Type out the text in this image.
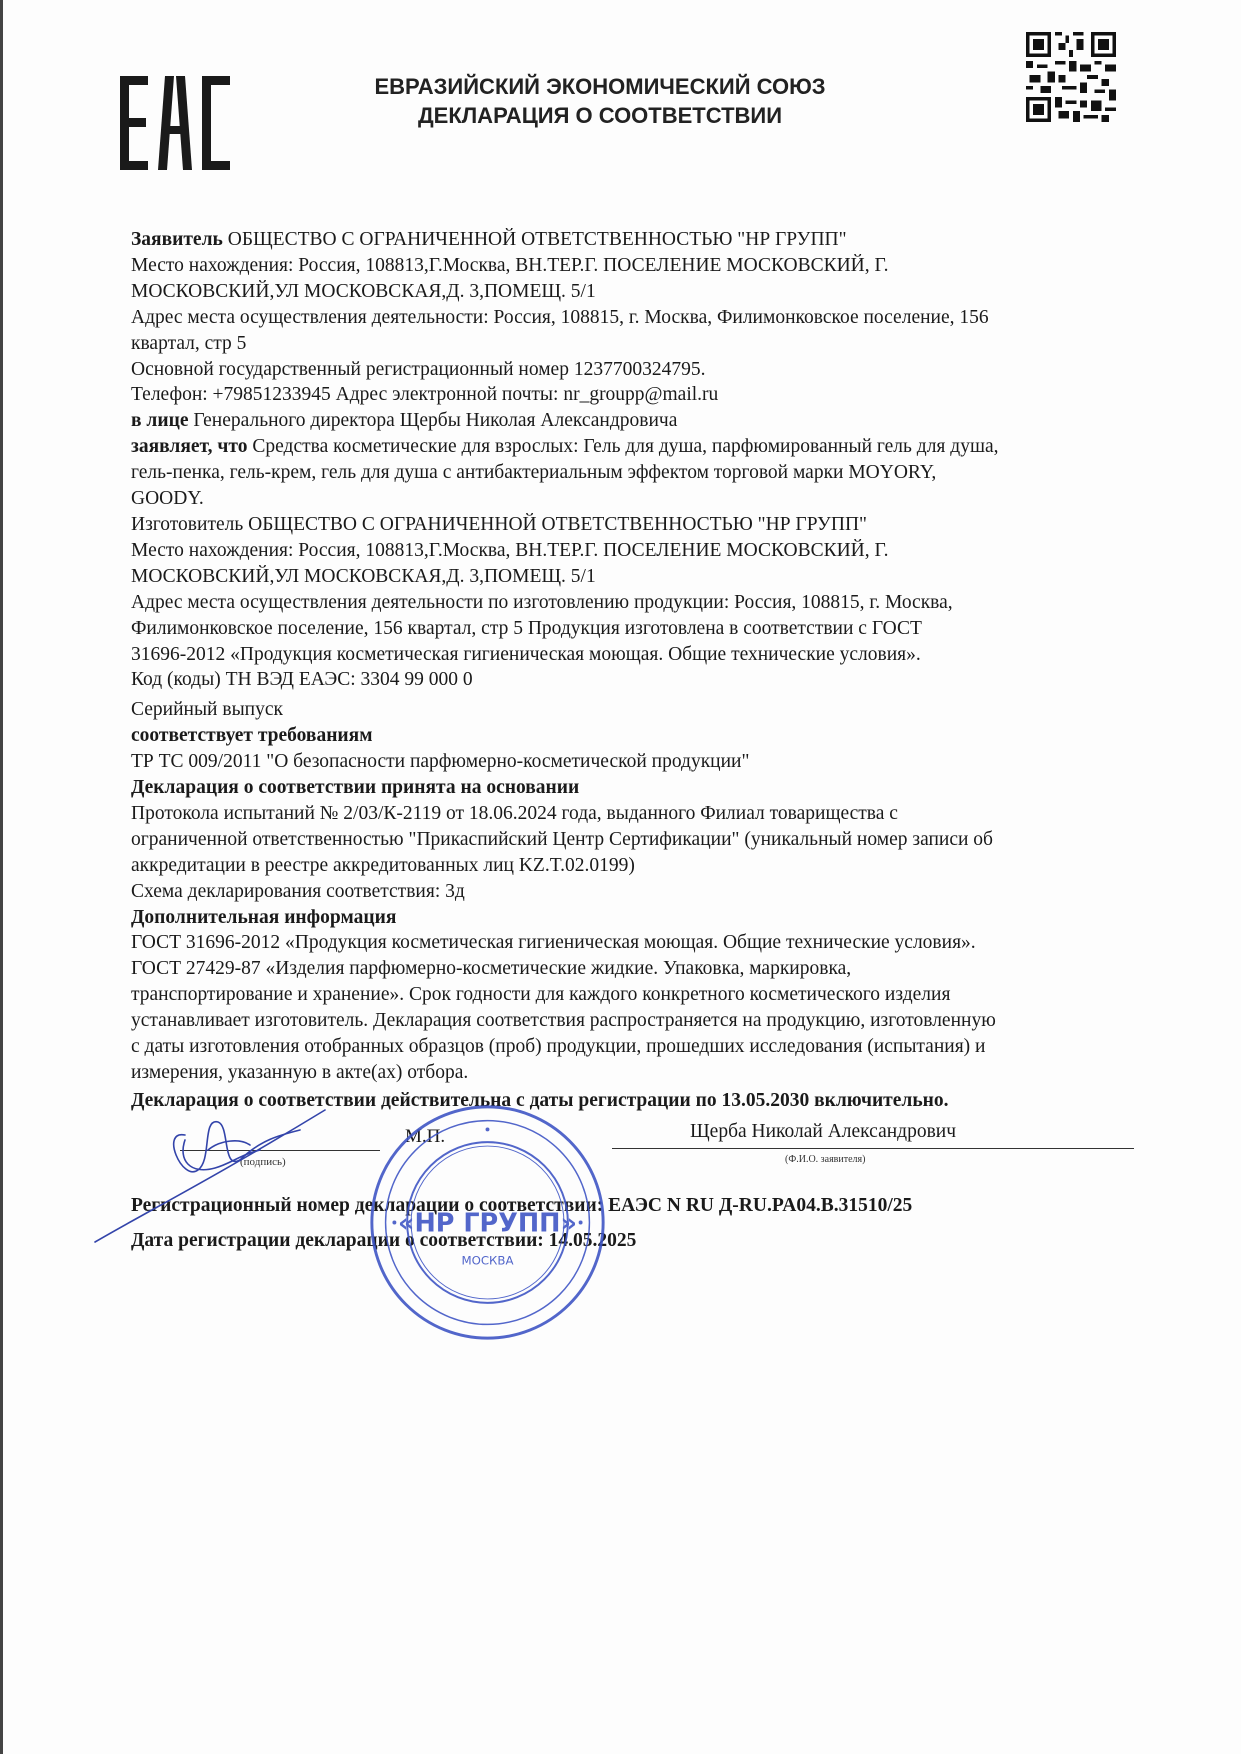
ЕВРАЗИЙСКИЙ ЭКОНОМИЧЕСКИЙ СОЮЗ
ДЕКЛАРАЦИЯ О СООТВЕТСТВИИ

Заявитель ОБЩЕСТВО С ОГРАНИЧЕННОЙ ОТВЕТСТВЕННОСТЬЮ "НР ГРУПП"

Место нахождения: Россия, 108813,Г.Москва, ВН.ТЕР.Г. ПОСЕЛЕНИЕ МОСКОВСКИЙ, Г.

МОСКОВСКИЙ,УЛ МОСКОВСКАЯ,Д. 3,ПОМЕЩ. 5/1

Адрес места осуществления деятельности: Россия, 108815, г. Москва, Филимонковское поселение, 156

квартал, стр 5

Основной государственный регистрационный номер 1237700324795.

Телефон: +79851233945 Адрес электронной почты: nr_groupp@mail.ru

в лице Генерального директора Щербы Николая Александровича

заявляет, что Средства косметические для взрослых: Гель для душа, парфюмированный гель для душа,

гель-пенка, гель-крем, гель для душа с антибактериальным эффектом торговой марки MOYORY,

GOODY.

Изготовитель ОБЩЕСТВО С ОГРАНИЧЕННОЙ ОТВЕТСТВЕННОСТЬЮ "НР ГРУПП"

Место нахождения: Россия, 108813,Г.Москва, ВН.ТЕР.Г. ПОСЕЛЕНИЕ МОСКОВСКИЙ, Г.

МОСКОВСКИЙ,УЛ МОСКОВСКАЯ,Д. 3,ПОМЕЩ. 5/1

Адрес места осуществления деятельности по изготовлению продукции: Россия, 108815, г. Москва,

Филимонковское поселение, 156 квартал, стр 5 Продукция изготовлена в соответствии с ГОСТ

31696-2012 «Продукция косметическая гигиеническая моющая. Общие технические условия».

Код (коды) ТН ВЭД ЕАЭС: 3304 99 000 0

Серийный выпуск

соответствует требованиям

ТР ТС 009/2011 "О безопасности парфюмерно-косметической продукции"

Декларация о соответствии принята на основании

Протокола испытаний № 2/03/К-2119 от 18.06.2024 года, выданного Филиал товарищества с

ограниченной ответственностью "Прикаспийский Центр Сертификации" (уникальный номер записи об

аккредитации в реестре аккредитованных лиц KZ.T.02.0199)

Схема декларирования соответствия: 3д

Дополнительная информация

ГОСТ 31696-2012 «Продукция косметическая гигиеническая моющая. Общие технические условия».

ГОСТ 27429-87 «Изделия парфюмерно-косметические жидкие. Упаковка, маркировка,

транспортирование и хранение». Срок годности для каждого конкретного косметического изделия

устанавливает изготовитель. Декларация соответствия распространяется на продукцию, изготовленную

с даты изготовления отобранных образцов (проб) продукции, прошедших исследования (испытания) и

измерения, указанную в акте(ах) отбора.

Декларация о соответствии действительна с даты регистрации по 13.05.2030 включительно.
(подпись)
М.П.	Щерба Николай Александрович
(Ф.И.О. заявителя)
Регистрационный номер декларации о соответствии: ЕАЭС N RU Д-RU.PA04.B.31510/25
Дата регистрации декларации о соответствии: 14.05.2025
«НР ГРУПП»
МОСКВА
